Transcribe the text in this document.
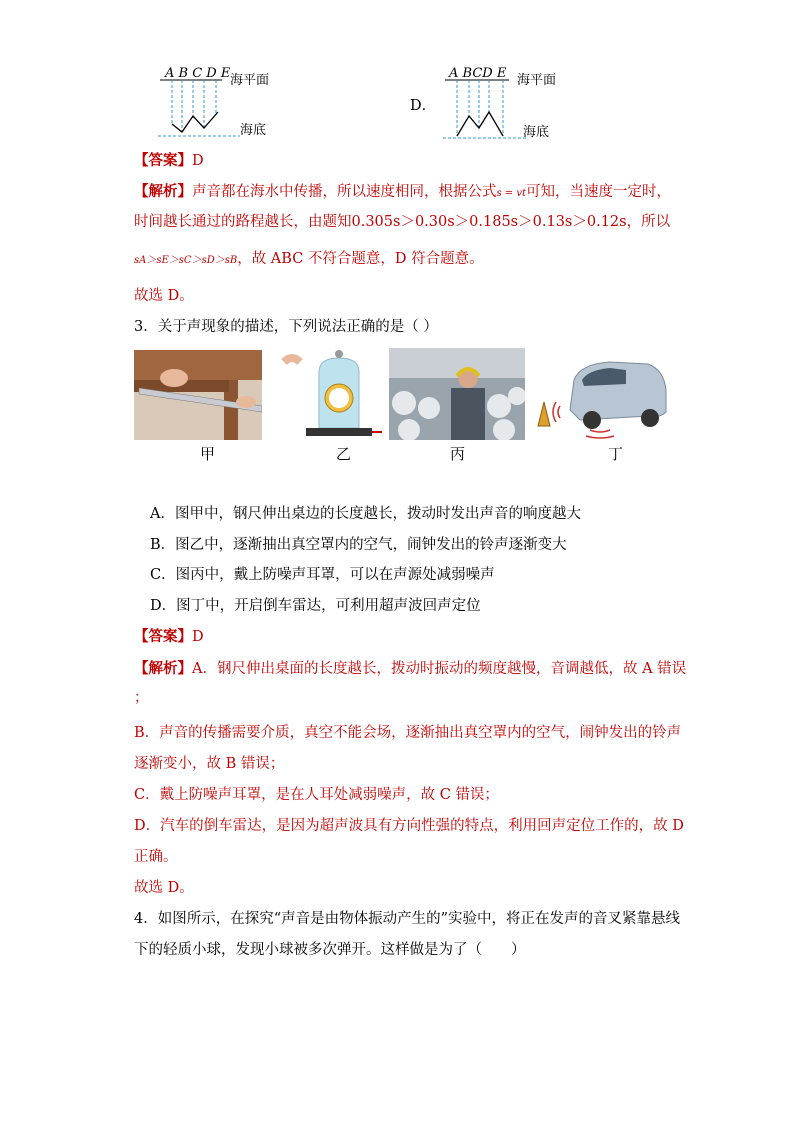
A B C D E 海平面
海底
D．
A BCD E 海平面
海底
【答案】D
【解析】声音都在海水中传播，所以速度相同，根据公式s = vt可知，当速度一定时，
时间越长通过的路程越长，由题知0.305s＞0.30s＞0.185s＞0.13s＞0.12s，所以
sA＞sE＞sC＞sD＞sB，故 ABC 不符合题意，D 符合题意。
故选 D。
3．关于声现象的描述，下列说法正确的是（ ）
甲	乙	丙	丁
A．图甲中，钢尺伸出桌边的长度越长，拨动时发出声音的响度越大
B．图乙中，逐渐抽出真空罩内的空气，闹钟发出的铃声逐渐变大
C．图丙中，戴上防噪声耳罩，可以在声源处减弱噪声
D．图丁中，开启倒车雷达，可利用超声波回声定位
【答案】D
【解析】A．钢尺伸出桌面的长度越长，拨动时振动的频度越慢，音调越低，故 A 错误
；
B．声音的传播需要介质，真空不能会场，逐渐抽出真空罩内的空气，闹钟发出的铃声
逐渐变小，故 B 错误；
C．戴上防噪声耳罩，是在人耳处减弱噪声，故 C 错误；
D．汽车的倒车雷达，是因为超声波具有方向性强的特点，利用回声定位工作的，故 D
正确。
故选 D。
4．如图所示，在探究“声音是由物体振动产生的”实验中，将正在发声的音叉紧靠悬线
下的轻质小球，发现小球被多次弹开。这样做是为了（　　）
